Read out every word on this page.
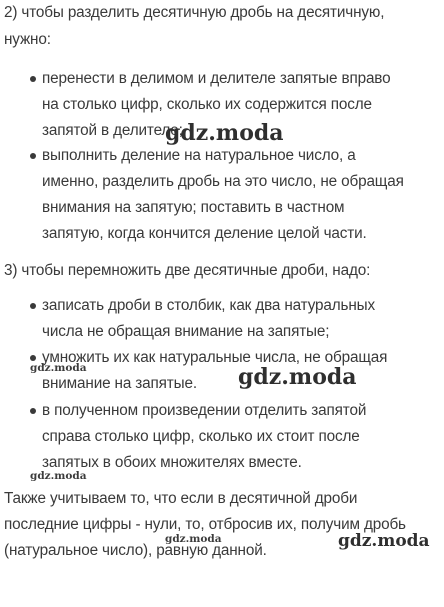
2) чтобы разделить десятичную дробь на десятичную,
нужно:
перенести в делимом и делителе запятые вправо
на столько цифр, сколько их содержится после
запятой в делителе;
выполнить деление на натуральное число, а
именно, разделить дробь на это число, не обращая
внимания на запятую; поставить в частном
запятую, когда кончится деление целой части.
3) чтобы перемножить две десятичные дроби, надо:
записать дроби в столбик, как два натуральных
числа не обращая внимание на запятые;
умножить их как натуральные числа, не обращая
внимание на запятые.
в полученном произведении отделить запятой
справа столько цифр, сколько их стоит после
запятых в обоих множителях вместе.
Также учитываем то, что если в десятичной дроби
последние цифры - нули, то, отбросив их, получим дробь
(натуральное число), равную данной.
gdz.moda
gdz.moda	gdz.moda
gdz.moda
gdz.moda	gdz.moda
